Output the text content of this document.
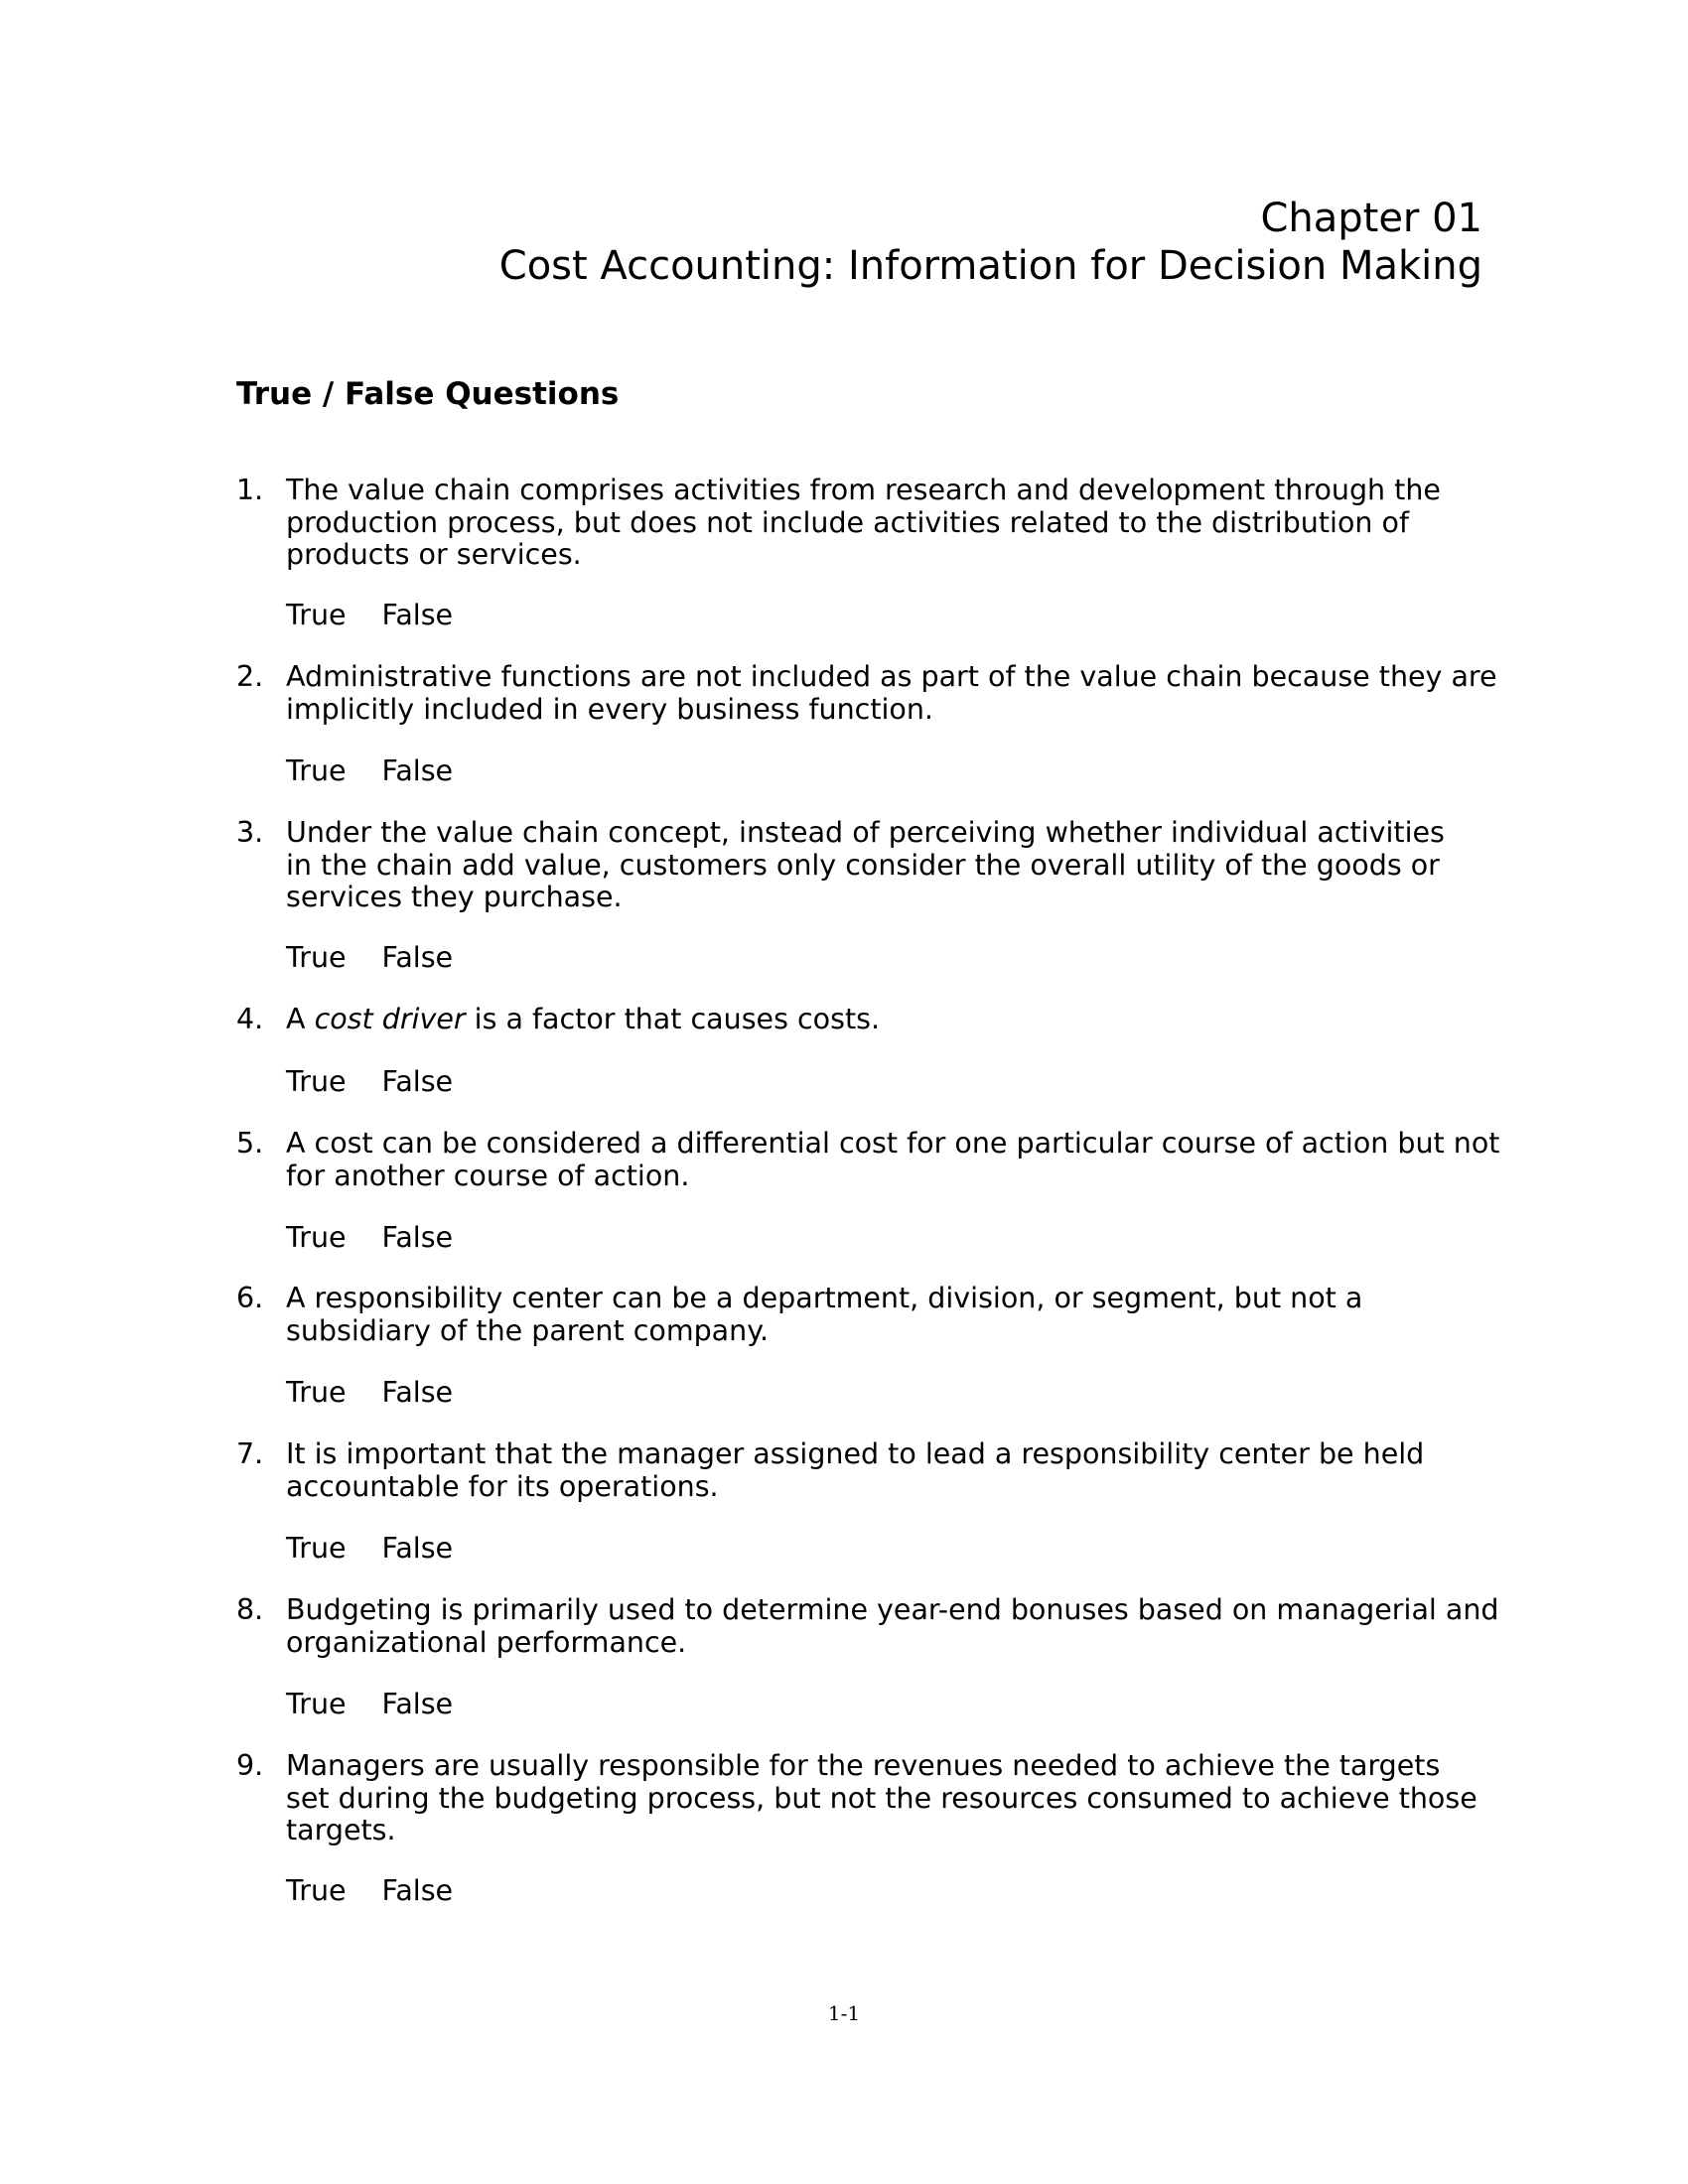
Chapter 01
Cost Accounting: Information for Decision Making
True / False Questions
1. The value chain comprises activities from research and development through the production process, but does not include activities related to the distribution of products or services.
True False
2. Administrative functions are not included as part of the value chain because they are implicitly included in every business function.
True False
3. Under the value chain concept, instead of perceiving whether individual activities in the chain add value, customers only consider the overall utility of the goods or services they purchase.
True False
4. A cost driver is a factor that causes costs.
True False
5. A cost can be considered a differential cost for one particular course of action but not for another course of action.
True False
6. A responsibility center can be a department, division, or segment, but not a subsidiary of the parent company.
True False
7. It is important that the manager assigned to lead a responsibility center be held accountable for its operations.
True False
8. Budgeting is primarily used to determine year-end bonuses based on managerial and organizational performance.
True False
9. Managers are usually responsible for the revenues needed to achieve the targets set during the budgeting process, but not the resources consumed to achieve those targets.
True False
1-1
